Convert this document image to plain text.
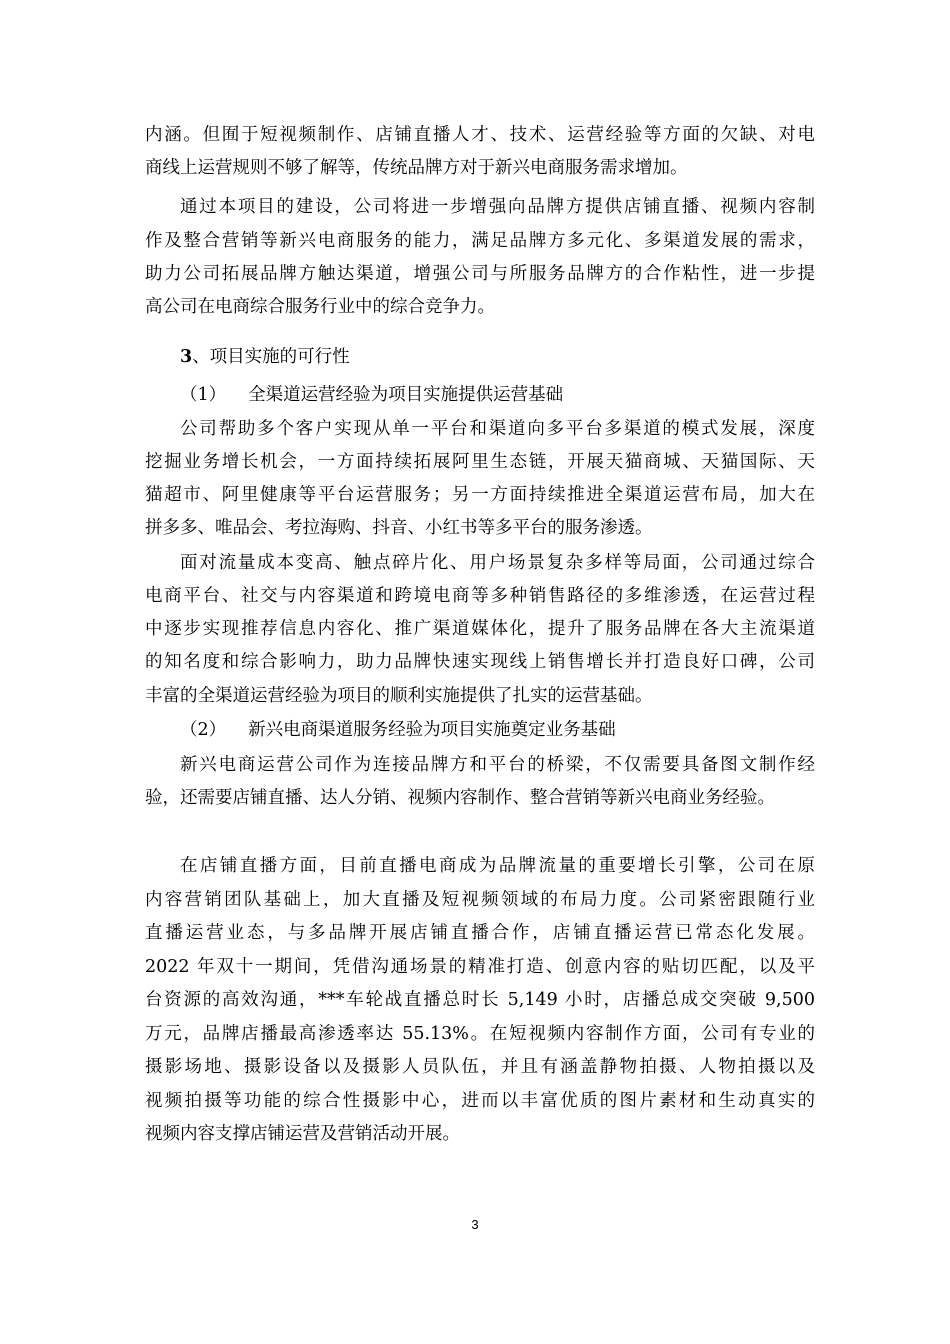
内涵。但囿于短视频制作、店铺直播人才、技术、运营经验等方面的欠缺、对电
商线上运营规则不够了解等，传统品牌方对于新兴电商服务需求增加。
通过本项目的建设，公司将进一步增强向品牌方提供店铺直播、视频内容制
作及整合营销等新兴电商服务的能力，满足品牌方多元化、多渠道发展的需求，
助力公司拓展品牌方触达渠道，增强公司与所服务品牌方的合作粘性，进一步提
高公司在电商综合服务行业中的综合竞争力。
3、项目实施的可行性
（1） 全渠道运营经验为项目实施提供运营基础
公司帮助多个客户实现从单一平台和渠道向多平台多渠道的模式发展，深度
挖掘业务增长机会，一方面持续拓展阿里生态链，开展天猫商城、天猫国际、天
猫超市、阿里健康等平台运营服务；另一方面持续推进全渠道运营布局，加大在
拼多多、唯品会、考拉海购、抖音、小红书等多平台的服务渗透。
面对流量成本变高、触点碎片化、用户场景复杂多样等局面，公司通过综合
电商平台、社交与内容渠道和跨境电商等多种销售路径的多维渗透，在运营过程
中逐步实现推荐信息内容化、推广渠道媒体化，提升了服务品牌在各大主流渠道
的知名度和综合影响力，助力品牌快速实现线上销售增长并打造良好口碑，公司
丰富的全渠道运营经验为项目的顺利实施提供了扎实的运营基础。
（2） 新兴电商渠道服务经验为项目实施奠定业务基础
新兴电商运营公司作为连接品牌方和平台的桥梁，不仅需要具备图文制作经
验，还需要店铺直播、达人分销、视频内容制作、整合营销等新兴电商业务经验。
在店铺直播方面，目前直播电商成为品牌流量的重要增长引擎，公司在原
内容营销团队基础上，加大直播及短视频领域的布局力度。公司紧密跟随行业
直播运营业态，与多品牌开展店铺直播合作，店铺直播运营已常态化发展。
2022 年双十一期间，凭借沟通场景的精准打造、创意内容的贴切匹配，以及平
台资源的高效沟通，***车轮战直播总时长 5,149 小时，店播总成交突破 9,500
万元，品牌店播最高渗透率达 55.13%。在短视频内容制作方面，公司有专业的
摄影场地、摄影设备以及摄影人员队伍，并且有涵盖静物拍摄、人物拍摄以及
视频拍摄等功能的综合性摄影中心，进而以丰富优质的图片素材和生动真实的
视频内容支撑店铺运营及营销活动开展。
3
